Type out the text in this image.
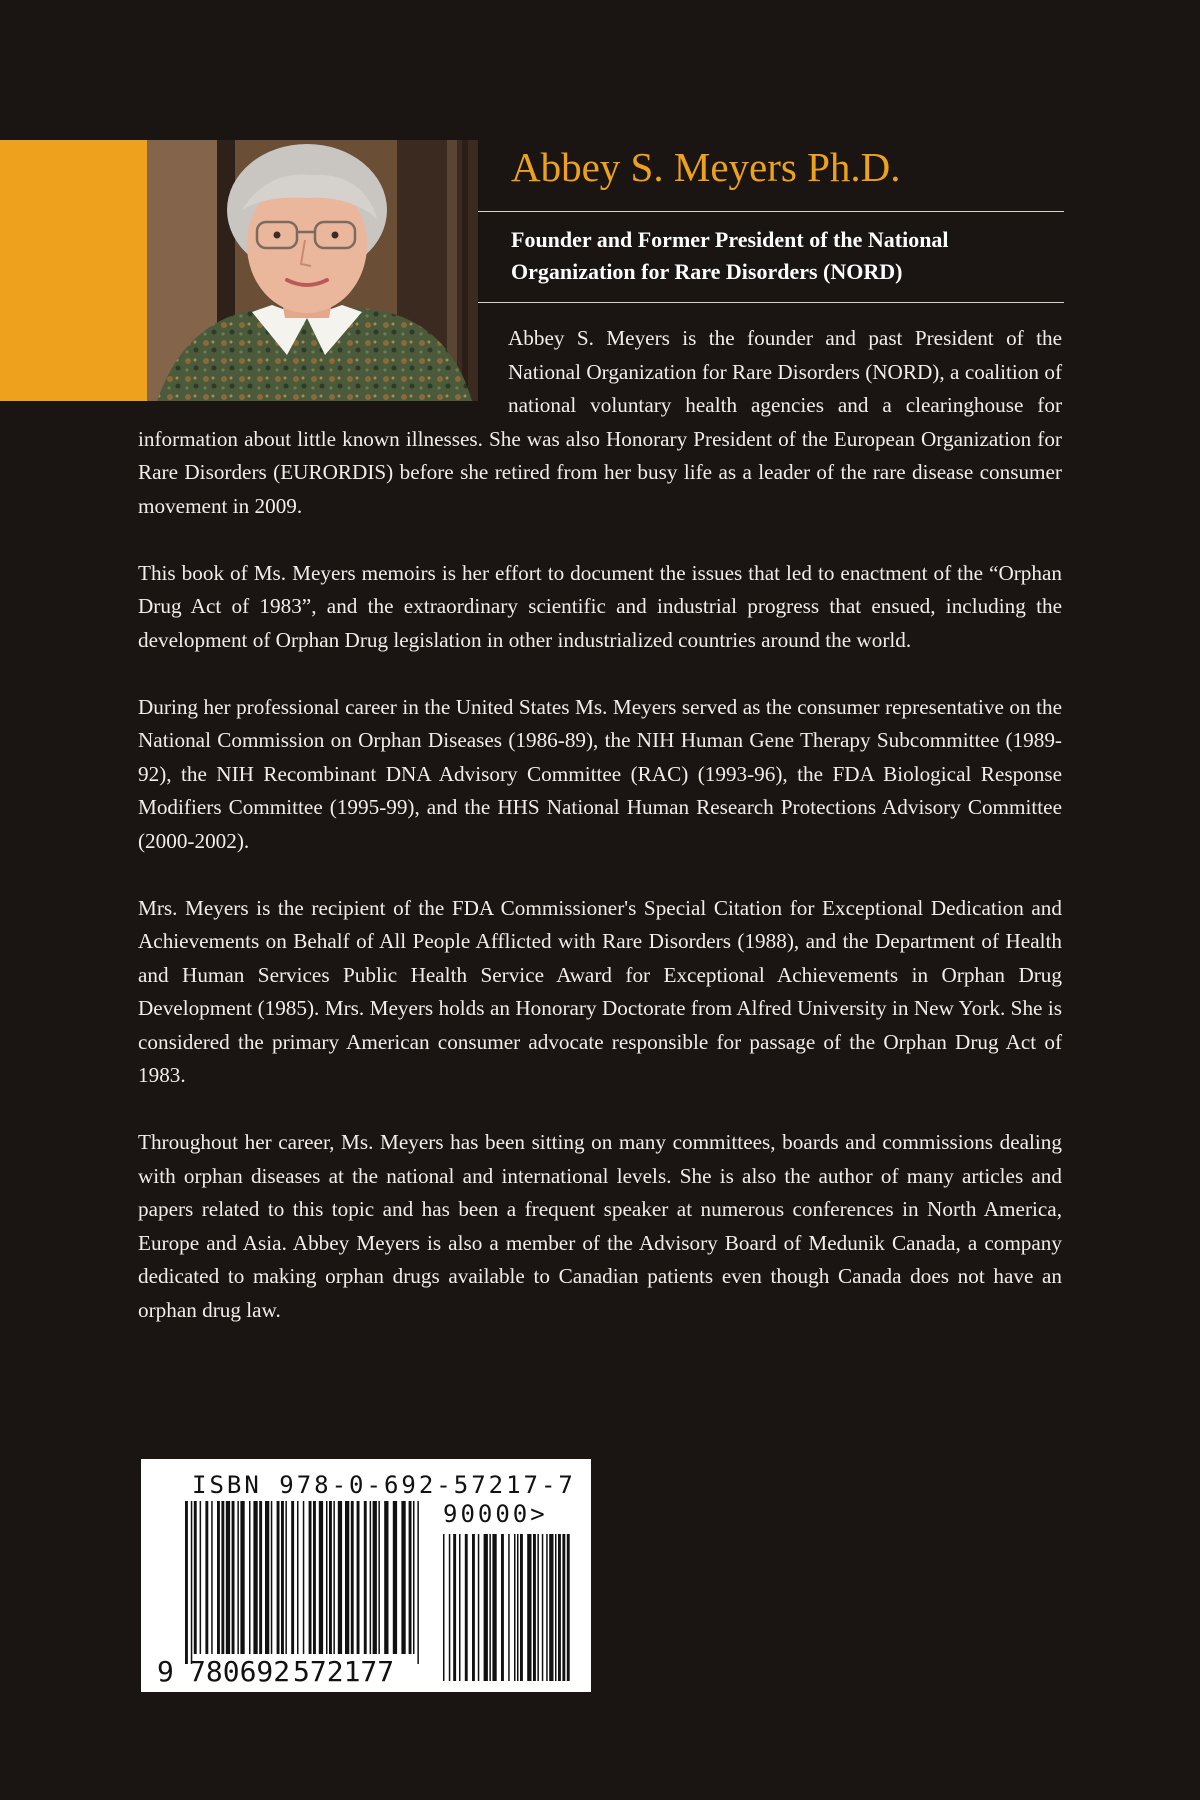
Abbey S. Meyers Ph.D.
Founder and Former President of the National Organization for Rare Disorders (NORD)

Abbey S. Meyers is the founder and past President of the National Organization for Rare Disorders (NORD), a coalition of national voluntary health agencies and a clearinghouse for information about little known illnesses. She was also Honorary President of the European Organization for Rare Disorders (EURORDIS) before she retired from her busy life as a leader of the rare disease consumer movement in 2009.

This book of Ms. Meyers memoirs is her effort to document the issues that led to enactment of the “Orphan Drug Act of 1983”, and the extraordinary scientific and industrial progress that ensued, including the development of Orphan Drug legislation in other industrialized countries around the world.

During her professional career in the United States Ms. Meyers served as the consumer representative on the National Commission on Orphan Diseases (1986-89), the NIH Human Gene Therapy Subcommittee (1989-92), the NIH Recombinant DNA Advisory Committee (RAC) (1993-96), the FDA Biological Response Modifiers Committee (1995-99), and the HHS National Human Research Protections Advisory Committee (2000-2002).

Mrs. Meyers is the recipient of the FDA Commissioner's Special Citation for Exceptional Dedication and Achievements on Behalf of All People Afflicted with Rare Disorders (1988), and the Department of Health and Human Services Public Health Service Award for Exceptional Achievements in Orphan Drug Development (1985). Mrs. Meyers holds an Honorary Doctorate from Alfred University in New York. She is considered the primary American consumer advocate responsible for passage of the Orphan Drug Act of 1983.

Throughout her career, Ms. Meyers has been sitting on many committees, boards and commissions dealing with orphan diseases at the national and international levels. She is also the author of many articles and papers related to this topic and has been a frequent speaker at numerous conferences in North America, Europe and Asia. Abbey Meyers is also a member of the Advisory Board of Medunik Canada, a company dedicated to making orphan drugs available to Canadian patients even though Canada does not have an orphan drug law.

ISBN 978-0-692-57217-7
90000>
9 780692 572177
